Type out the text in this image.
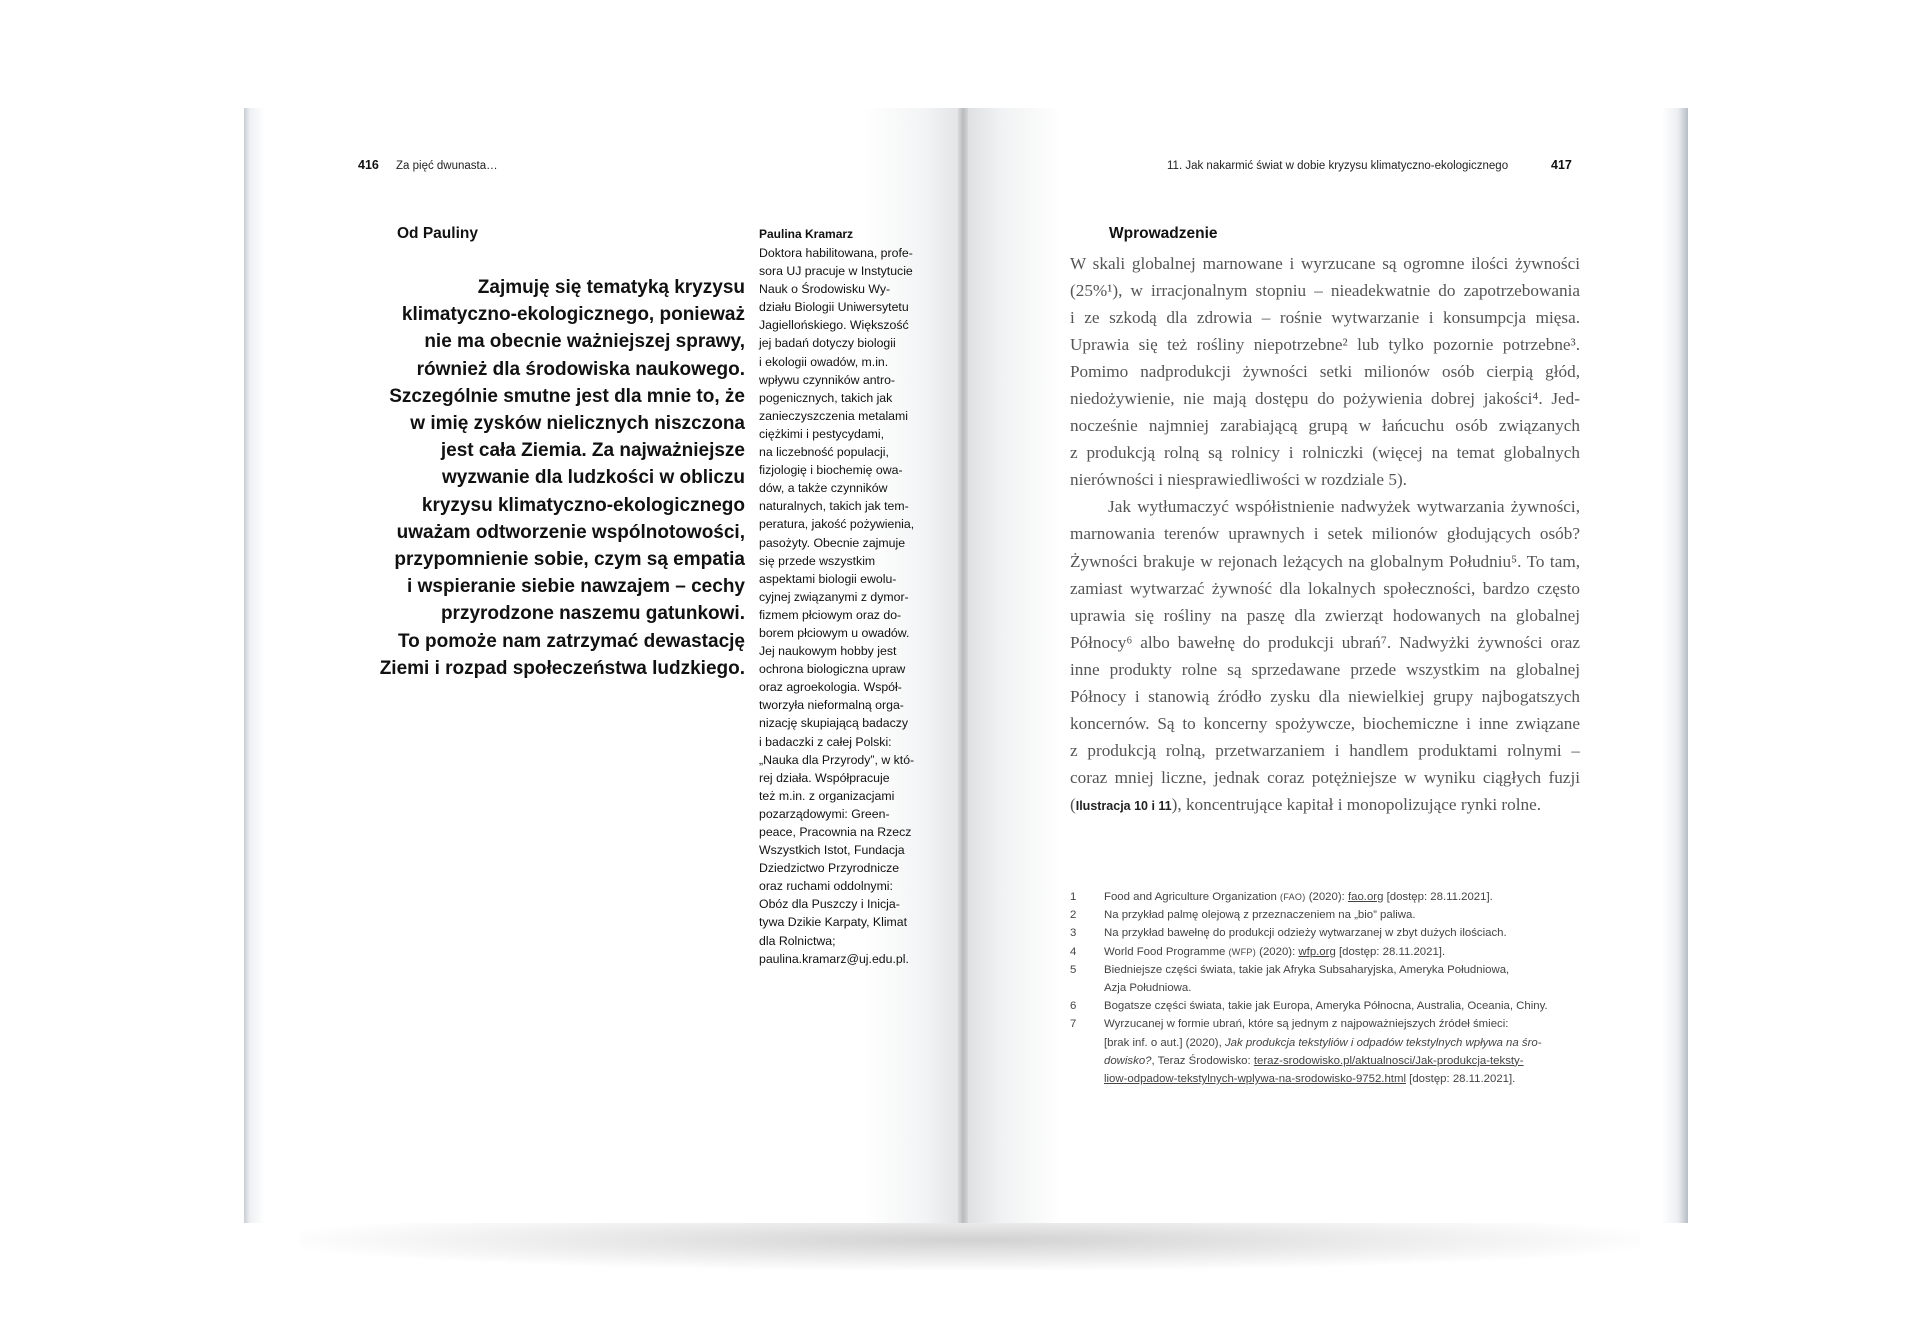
416 Za pięć dwunasta…
Od Pauliny
Zajmuję się tematyką kryzysu
klimatyczno-ekologicznego, ponieważ
nie ma obecnie ważniejszej sprawy,
również dla środowiska naukowego.
Szczególnie smutne jest dla mnie to, że
w imię zysków nielicznych niszczona
jest cała Ziemia. Za najważniejsze
wyzwanie dla ludzkości w obliczu
kryzysu klimatyczno-ekologicznego
uważam odtworzenie wspólnotowości,
przypomnienie sobie, czym są empatia
i wspieranie siebie nawzajem – cechy
przyrodzone naszemu gatunkowi.
To pomoże nam zatrzymać dewastację
Ziemi i rozpad społeczeństwa ludzkiego.
Paulina Kramarz
Doktora habilitowana, profe-
sora UJ pracuje w Instytucie
Nauk o Środowisku Wy-
działu Biologii Uniwersytetu
Jagiellońskiego. Większość
jej badań dotyczy biologii
i ekologii owadów, m.in.
wpływu czynników antro-
pogenicznych, takich jak
zanieczyszczenia metalami
ciężkimi i pestycydami,
na liczebność populacji,
fizjologię i biochemię owa-
dów, a także czynników
naturalnych, takich jak tem-
peratura, jakość pożywienia,
pasożyty. Obecnie zajmuje
się przede wszystkim
aspektami biologii ewolu-
cyjnej związanymi z dymor-
fizmem płciowym oraz do-
borem płciowym u owadów.
Jej naukowym hobby jest
ochrona biologiczna upraw
oraz agroekologia. Współ-
tworzyła nieformalną orga-
nizację skupiającą badaczy
i badaczki z całej Polski:
„Nauka dla Przyrody”, w któ-
rej działa. Współpracuje
też m.in. z organizacjami
pozarządowymi: Green-
peace, Pracownia na Rzecz
Wszystkich Istot, Fundacja
Dziedzictwo Przyrodnicze
oraz ruchami oddolnymi:
Obóz dla Puszczy i Inicja-
tywa Dzikie Karpaty, Klimat
dla Rolnictwa;
paulina.kramarz@uj.edu.pl.
11. Jak nakarmić świat w dobie kryzysu klimatyczno-ekologicznego	417
Wprowadzenie
W skali globalnej marnowane i wyrzucane są ogromne ilości żywności
(25%¹), w irracjonalnym stopniu – nieadekwatnie do zapotrzebowania
i ze szkodą dla zdrowia – rośnie wytwarzanie i konsumpcja mięsa.
Uprawia się też rośliny niepotrzebne² lub tylko pozornie potrzebne³.
Pomimo nadprodukcji żywności setki milionów osób cierpią głód,
niedożywienie, nie mają dostępu do pożywienia dobrej jakości⁴. Jed-
nocześnie najmniej zarabiającą grupą w łańcuchu osób związanych
z produkcją rolną są rolnicy i rolniczki (więcej na temat globalnych
nierówności i niesprawiedliwości w rozdziale 5).
Jak wytłumaczyć współistnienie nadwyżek wytwarzania żywności,
marnowania terenów uprawnych i setek milionów głodujących osób?
Żywności brakuje w rejonach leżących na globalnym Południu⁵. To tam,
zamiast wytwarzać żywność dla lokalnych społeczności, bardzo często
uprawia się rośliny na paszę dla zwierząt hodowanych na globalnej
Północy⁶ albo bawełnę do produkcji ubrań⁷. Nadwyżki żywności oraz
inne produkty rolne są sprzedawane przede wszystkim na globalnej
Północy i stanowią źródło zysku dla niewielkiej grupy najbogatszych
koncernów. Są to koncerny spożywcze, biochemiczne i inne związane
z produkcją rolną, przetwarzaniem i handlem produktami rolnymi –
coraz mniej liczne, jednak coraz potężniejsze w wyniku ciągłych fuzji
(Ilustracja 10 i 11), koncentrujące kapitał i monopolizujące rynki rolne.
1 Food and Agriculture Organization (FAO) (2020): fao.org [dostęp: 28.11.2021].
2 Na przykład palmę olejową z przeznaczeniem na „bio” paliwa.
3 Na przykład bawełnę do produkcji odzieży wytwarzanej w zbyt dużych ilościach.
4 World Food Programme (WFP) (2020): wfp.org [dostęp: 28.11.2021].
5 Biedniejsze części świata, takie jak Afryka Subsaharyjska, Ameryka Południowa,
Azja Południowa.
6 Bogatsze części świata, takie jak Europa, Ameryka Północna, Australia, Oceania, Chiny.
7 Wyrzucanej w formie ubrań, które są jednym z najpoważniejszych źródeł śmieci:
[brak inf. o aut.] (2020), Jak produkcja tekstyliów i odpadów tekstylnych wpływa na śro-
dowisko?, Teraz Środowisko: teraz-srodowisko.pl/aktualnosci/Jak-produkcja-teksty-
liow-odpadow-tekstylnych-wplywa-na-srodowisko-9752.html [dostęp: 28.11.2021].
